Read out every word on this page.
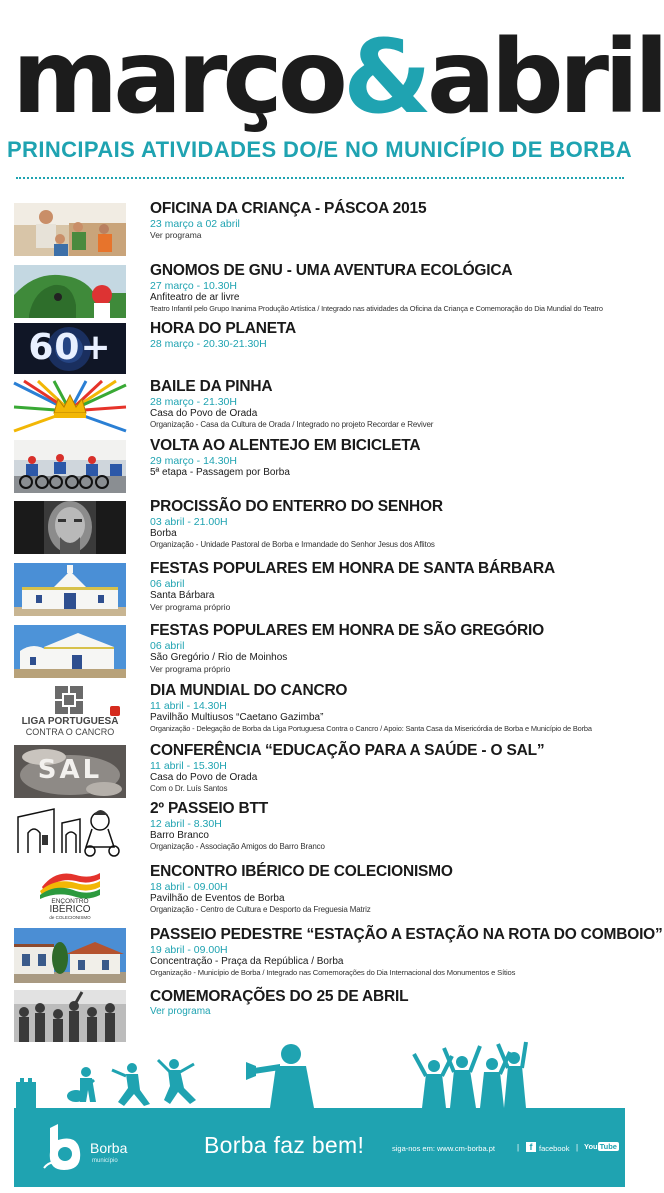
março&abril
PRINCIPAIS ATIVIDADES DO/E NO MUNICÍPIO DE BORBA
OFICINA DA CRIANÇA - PÁSCOA 2015
23 março a 02 abril
Ver programa
GNOMOS DE GNU - UMA AVENTURA ECOLÓGICA
27 março - 10.30H
Anfiteatro de ar livre
Teatro Infantil pelo Grupo Inanima Produção Artística / Integrado nas atividades da Oficina da Criança e Comemoração do Dia Mundial do Teatro
60+	HORA DO PLANETA
28 março - 20.30-21.30H
BAILE DA PINHA
28 março - 21.30H
Casa do Povo de Orada
Organização - Casa da Cultura de Orada / Integrado no projeto Recordar e Reviver
VOLTA AO ALENTEJO EM BICICLETA
29 março - 14.30H
5ª etapa - Passagem por Borba
PROCISSÃO DO ENTERRO DO SENHOR
03 abril - 21.00H
Borba
Organização - Unidade Pastoral de Borba e Irmandade do Senhor Jesus dos Aflitos
FESTAS POPULARES EM HONRA DE SANTA BÁRBARA
06 abril
Santa Bárbara
Ver programa próprio
FESTAS POPULARES EM HONRA DE SÃO GREGÓRIO
06 abril
São Gregório / Rio de Moinhos
Ver programa próprio
LIGA PORTUGUESA
CONTRA O CANCRO
DIA MUNDIAL DO CANCRO
11 abril - 14.30H
Pavilhão Multiusos “Caetano Gazimba”
Organização - Delegação de Borba da Liga Portuguesa Contra o Cancro / Apoio: Santa Casa da Misericórdia de Borba e Município de Borba
SAL
CONFERÊNCIA “EDUCAÇÃO PARA A SAÚDE - O SAL”
11 abril - 15.30H
Casa do Povo de Orada
Com o Dr. Luís Santos
2º PASSEIO BTT
12 abril - 8.30H
Barro Branco
Organização - Associação Amigos do Barro Branco
ENCONTRO
IBÉRICO
de COLECIONISMO
ENCONTRO IBÉRICO DE COLECIONISMO
18 abril - 09.00H
Pavilhão de Eventos de Borba
Organização - Centro de Cultura e Desporto da Freguesia Matriz
PASSEIO PEDESTRE “ESTAÇÃO A ESTAÇÃO NA ROTA DO COMBOIO”
19 abril - 09.00H
Concentração - Praça da República / Borba
Organização - Município de Borba / Integrado nas Comemorações do Dia Internacional dos Monumentos e Sítios
COMEMORAÇÕES DO 25 DE ABRIL
Ver programa
Borba
município
Borba faz bem!	siga-nos em: www.cm-borba.pt	|	f facebook | You Tube
